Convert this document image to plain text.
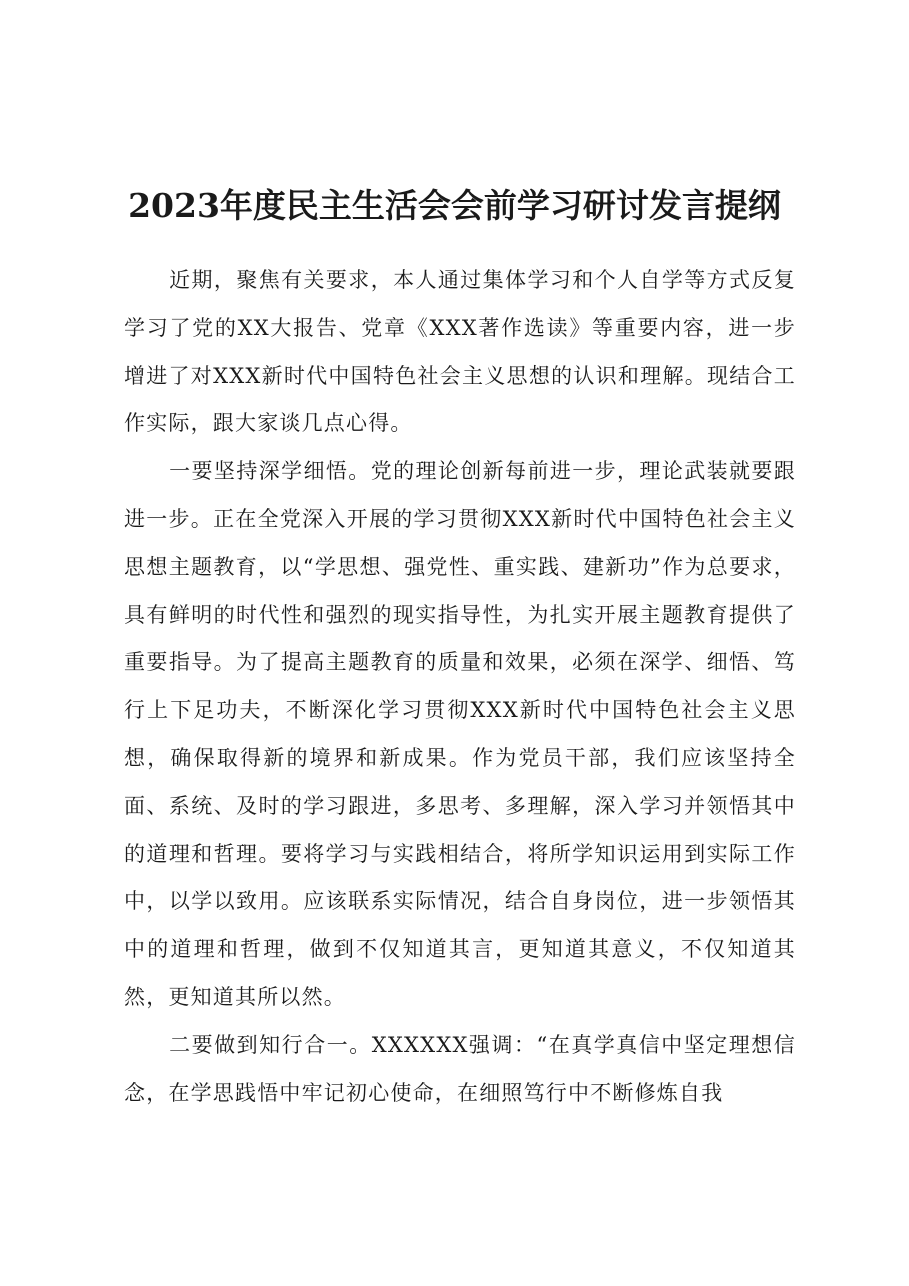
2023年度民主生活会会前学习研讨发言提纲

近期，聚焦有关要求，本人通过集体学习和个人自学等方式反复学习了党的XX大报告、党章《XXX著作选读》等重要内容，进一步增进了对XXX新时代中国特色社会主义思想的认识和理解。现结合工作实际，跟大家谈几点心得。

一要坚持深学细悟。党的理论创新每前进一步，理论武装就要跟进一步。正在全党深入开展的学习贯彻XXX新时代中国特色社会主义思想主题教育，以“学思想、强党性、重实践、建新功”作为总要求，具有鲜明的时代性和强烈的现实指导性，为扎实开展主题教育提供了重要指导。为了提高主题教育的质量和效果，必须在深学、细悟、笃行上下足功夫，不断深化学习贯彻XXX新时代中国特色社会主义思想，确保取得新的境界和新成果。作为党员干部，我们应该坚持全面、系统、及时的学习跟进，多思考、多理解，深入学习并领悟其中的道理和哲理。要将学习与实践相结合，将所学知识运用到实际工作中，以学以致用。应该联系实际情况，结合自身岗位，进一步领悟其中的道理和哲理，做到不仅知道其言，更知道其意义，不仅知道其然，更知道其所以然。

二要做到知行合一。XXXXXX强调：“在真学真信中坚定理想信念，在学思践悟中牢记初心使命，在细照笃行中不断修炼自我
